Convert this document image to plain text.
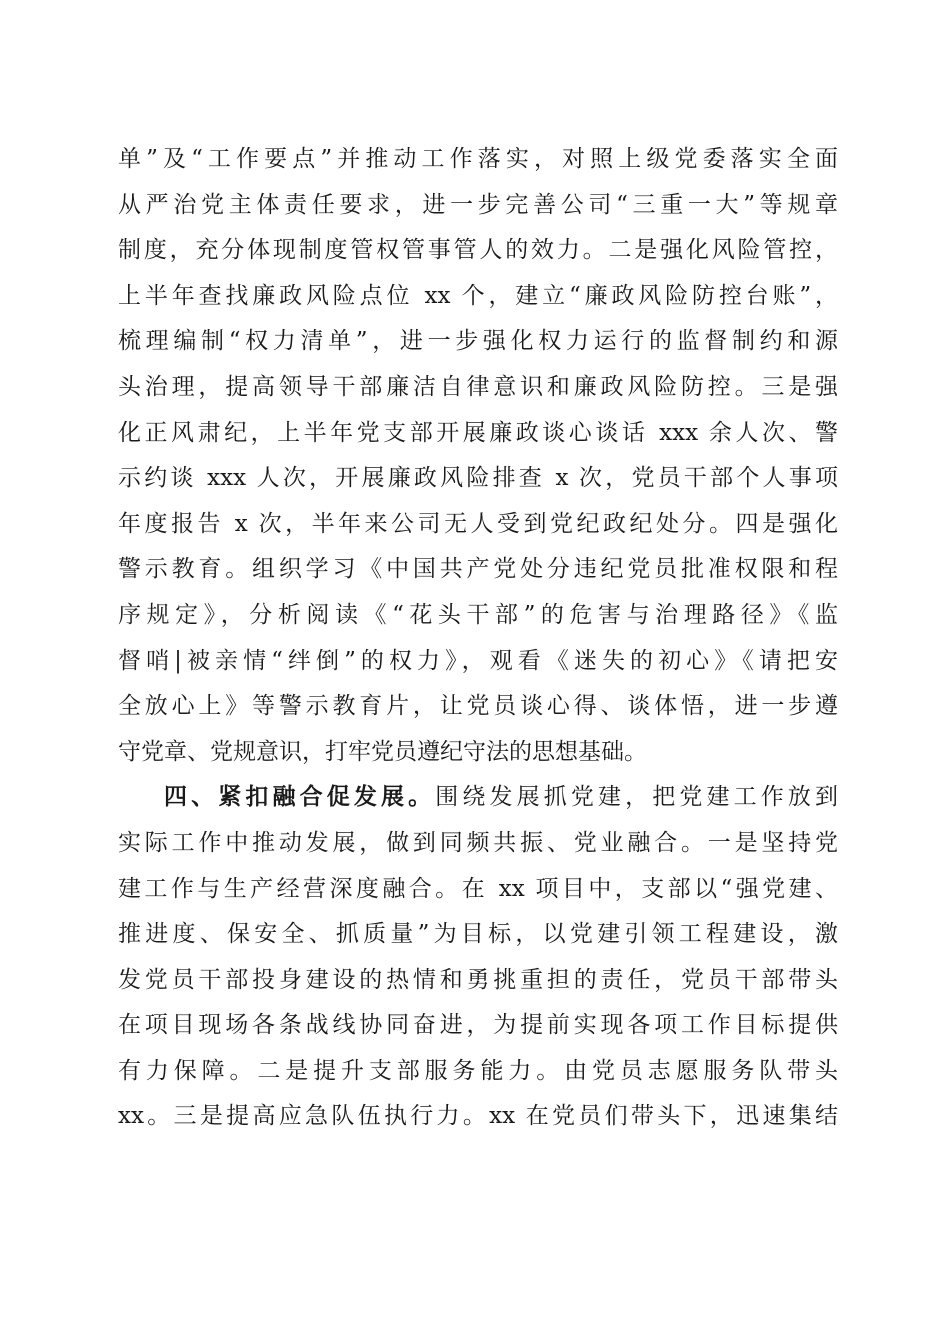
单”及“工作要点”并推动工作落实，对照上级党委落实全面
从严治党主体责任要求，进一步完善公司“三重一大”等规章
制度，充分体现制度管权管事管人的效力。二是强化风险管控，
上半年查找廉政风险点位 xx 个，建立“廉政风险防控台账”，
梳理编制“权力清单”，进一步强化权力运行的监督制约和源
头治理，提高领导干部廉洁自律意识和廉政风险防控。三是强
化正风肃纪，上半年党支部开展廉政谈心谈话 xxx 余人次、警
示约谈 xxx 人次，开展廉政风险排查 x 次，党员干部个人事项
年度报告 x 次，半年来公司无人受到党纪政纪处分。四是强化
警示教育。组织学习《中国共产党处分违纪党员批准权限和程
序规定》，分析阅读《“花头干部”的危害与治理路径》《监
督哨|被亲情“绊倒”的权力》，观看《迷失的初心》《请把安
全放心上》等警示教育片，让党员谈心得、谈体悟，进一步遵
守党章、党规意识，打牢党员遵纪守法的思想基础。
四、紧扣融合促发展。围绕发展抓党建，把党建工作放到
实际工作中推动发展，做到同频共振、党业融合。一是坚持党
建工作与生产经营深度融合。在 xx 项目中，支部以“强党建、
推进度、保安全、抓质量”为目标，以党建引领工程建设，激
发党员干部投身建设的热情和勇挑重担的责任，党员干部带头
在项目现场各条战线协同奋进，为提前实现各项工作目标提供
有力保障。二是提升支部服务能力。由党员志愿服务队带头
xx。三是提高应急队伍执行力。xx 在党员们带头下，迅速集结
